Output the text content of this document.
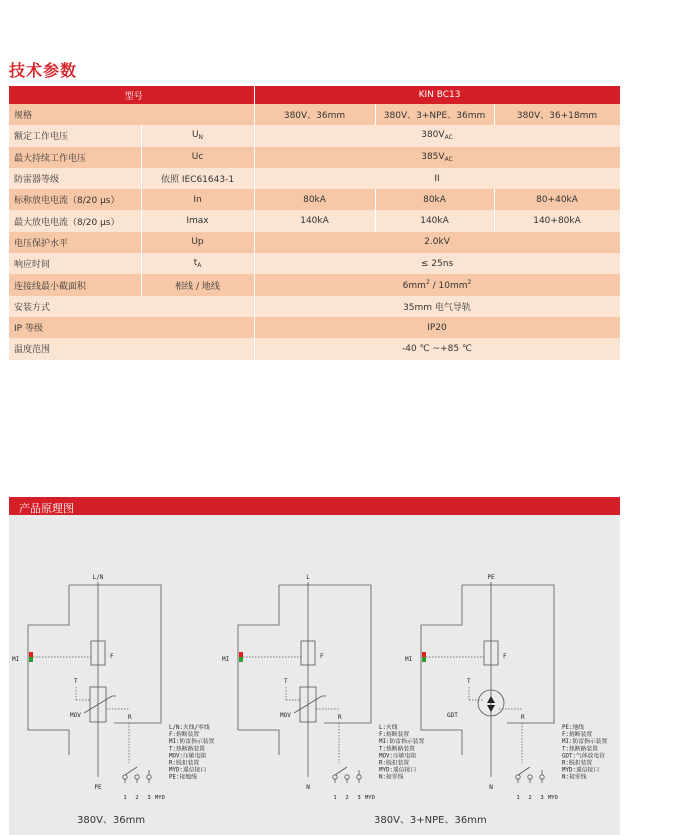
技术参数
型号		KIN BC13		
规格		380V、36mm	380V、3+NPE、36mm	380V、36+18mm
额定工作电压	$U_N$	$380V_{AC}$
最大持续工作电压	Uc	$385V_{AC}$
防雷器等级	依照 IEC61643-1	II		
标称放电电流（8/20 μs）	In	80kA	80kA	80+40kA
最大放电电流（8/20 μs）	Imax	140kA	140kA	140+80kA
电压保护水平	Up	2.0kV		
响应时间	$t_A$	≤ 25ns		
连接线最小截面积	相线 / 地线	$6mm^2 / 10mm^2$
安装方式		35mm 电气导轨		
IP 等级		IP20		
温度范围		-40 ℃ ~+85 ℃		
产品原理图
L/N
F
MI
T
MOV	R
PE
1 2 3 MYD
L/N:火线/零线
F:熔断装置
MI:防雷指示装置
T:热断路装置
MOV:压敏电阻
R:脱扣装置
MYD:遥信接口
PE:接地线
L
F
MI
T
MOV	R
N
1 2 3 MYD
L:火线
F:熔断装置
MI:防雷指示装置
T:热断路装置
MOV:压敏电阻
R:脱扣装置
MYD:遥信接口
N:接零线
PE
F
MI
T
GDT	R
N
1 2 3 MYD
PE:地线
F:熔断装置
MI:防雷指示装置
T:热断路装置
GDT:气体放电管
R:脱扣装置
MYD:遥信接口
N:接零线
380V、36mm	380V、3+NPE、36mm
